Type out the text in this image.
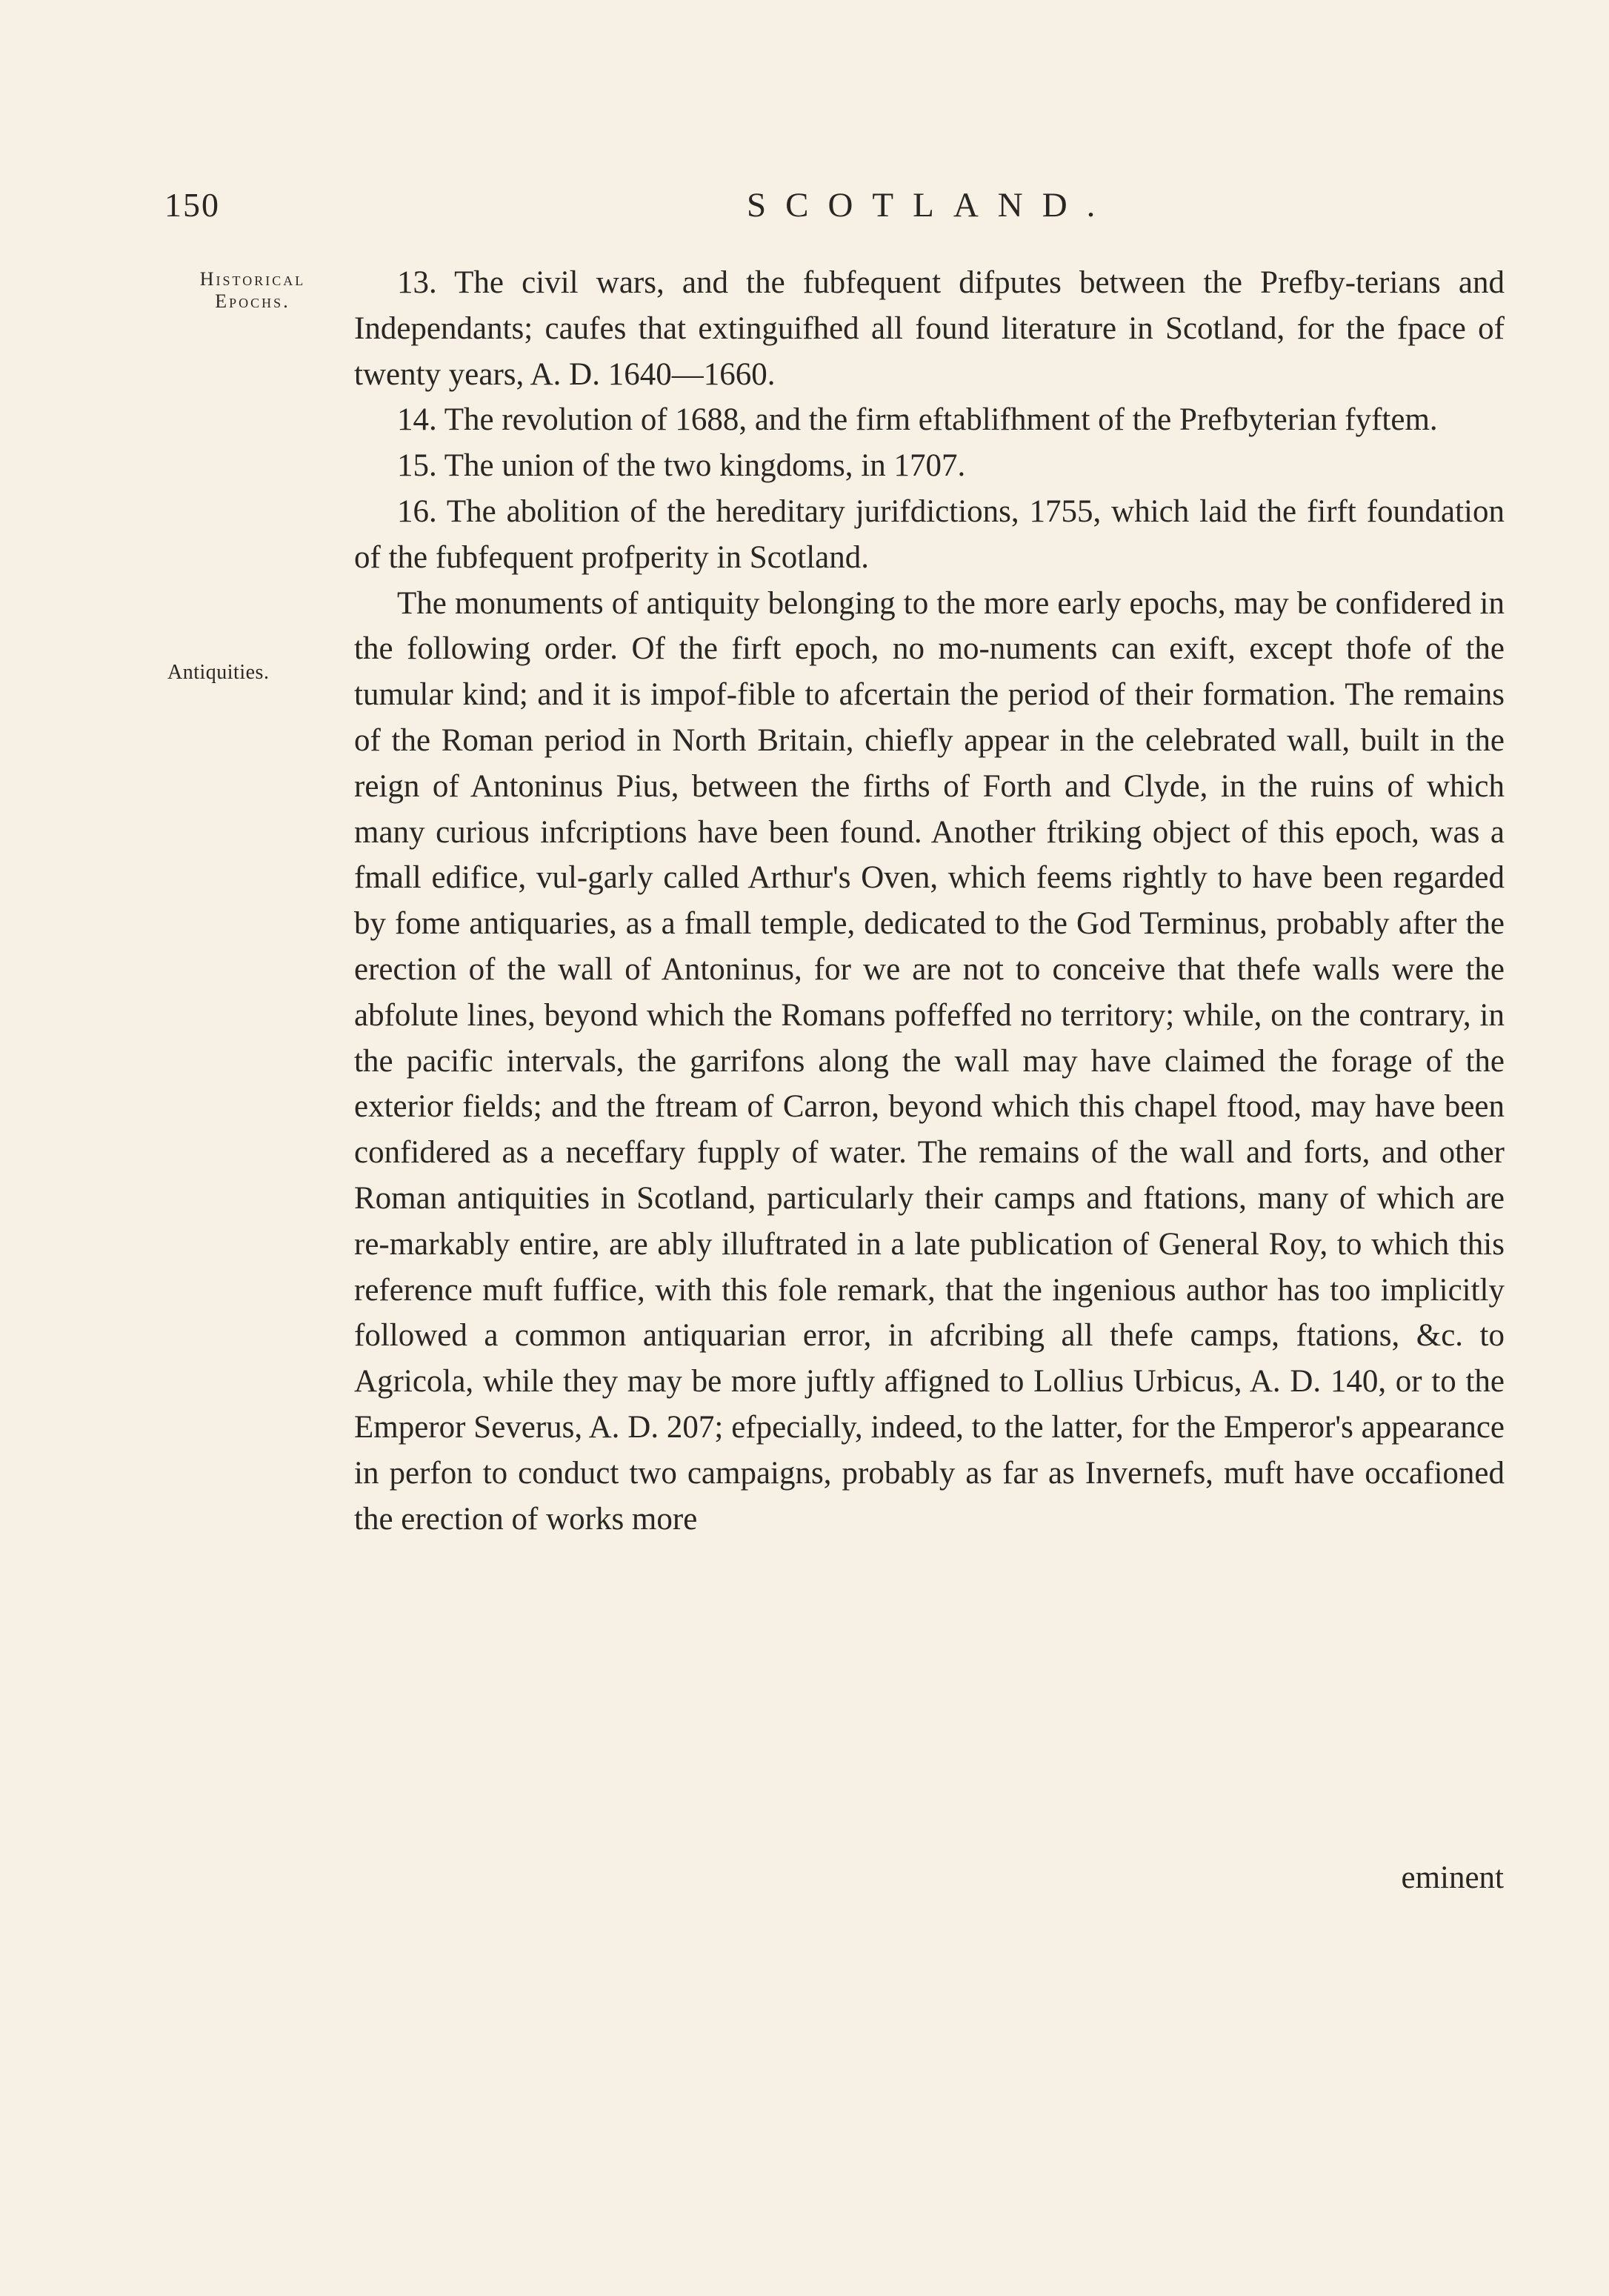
150	SCOTLAND.
Historical Epochs.
Antiquities.

13. The civil wars, and the fubfequent difputes between the Prefby-terians and Independants; caufes that extinguifhed all found literature in Scotland, for the fpace of twenty years, A. D. 1640—1660.

14. The revolution of 1688, and the firm eftablifhment of the Prefbyterian fyftem.

15. The union of the two kingdoms, in 1707.

16. The abolition of the hereditary jurifdictions, 1755, which laid the firft foundation of the fubfequent profperity in Scotland.

The monuments of antiquity belonging to the more early epochs, may be confidered in the following order. Of the firft epoch, no mo-numents can exift, except thofe of the tumular kind; and it is impof-fible to afcertain the period of their formation. The remains of the Roman period in North Britain, chiefly appear in the celebrated wall, built in the reign of Antoninus Pius, between the firths of Forth and Clyde, in the ruins of which many curious infcriptions have been found. Another ftriking object of this epoch, was a fmall edifice, vul-garly called Arthur's Oven, which feems rightly to have been regarded by fome antiquaries, as a fmall temple, dedicated to the God Terminus, probably after the erection of the wall of Antoninus, for we are not to conceive that thefe walls were the abfolute lines, beyond which the Romans poffeffed no territory; while, on the contrary, in the pacific intervals, the garrifons along the wall may have claimed the forage of the exterior fields; and the ftream of Carron, beyond which this chapel ftood, may have been confidered as a neceffary fupply of water. The remains of the wall and forts, and other Roman antiquities in Scotland, particularly their camps and ftations, many of which are re-markably entire, are ably illuftrated in a late publication of General Roy, to which this reference muft fuffice, with this fole remark, that the ingenious author has too implicitly followed a common antiquarian error, in afcribing all thefe camps, ftations, &c. to Agricola, while they may be more juftly affigned to Lollius Urbicus, A. D. 140, or to the Emperor Severus, A. D. 207; efpecially, indeed, to the latter, for the Emperor's appearance in perfon to conduct two campaigns, probably as far as Invernefs, muft have occafioned the erection of works more

eminent
